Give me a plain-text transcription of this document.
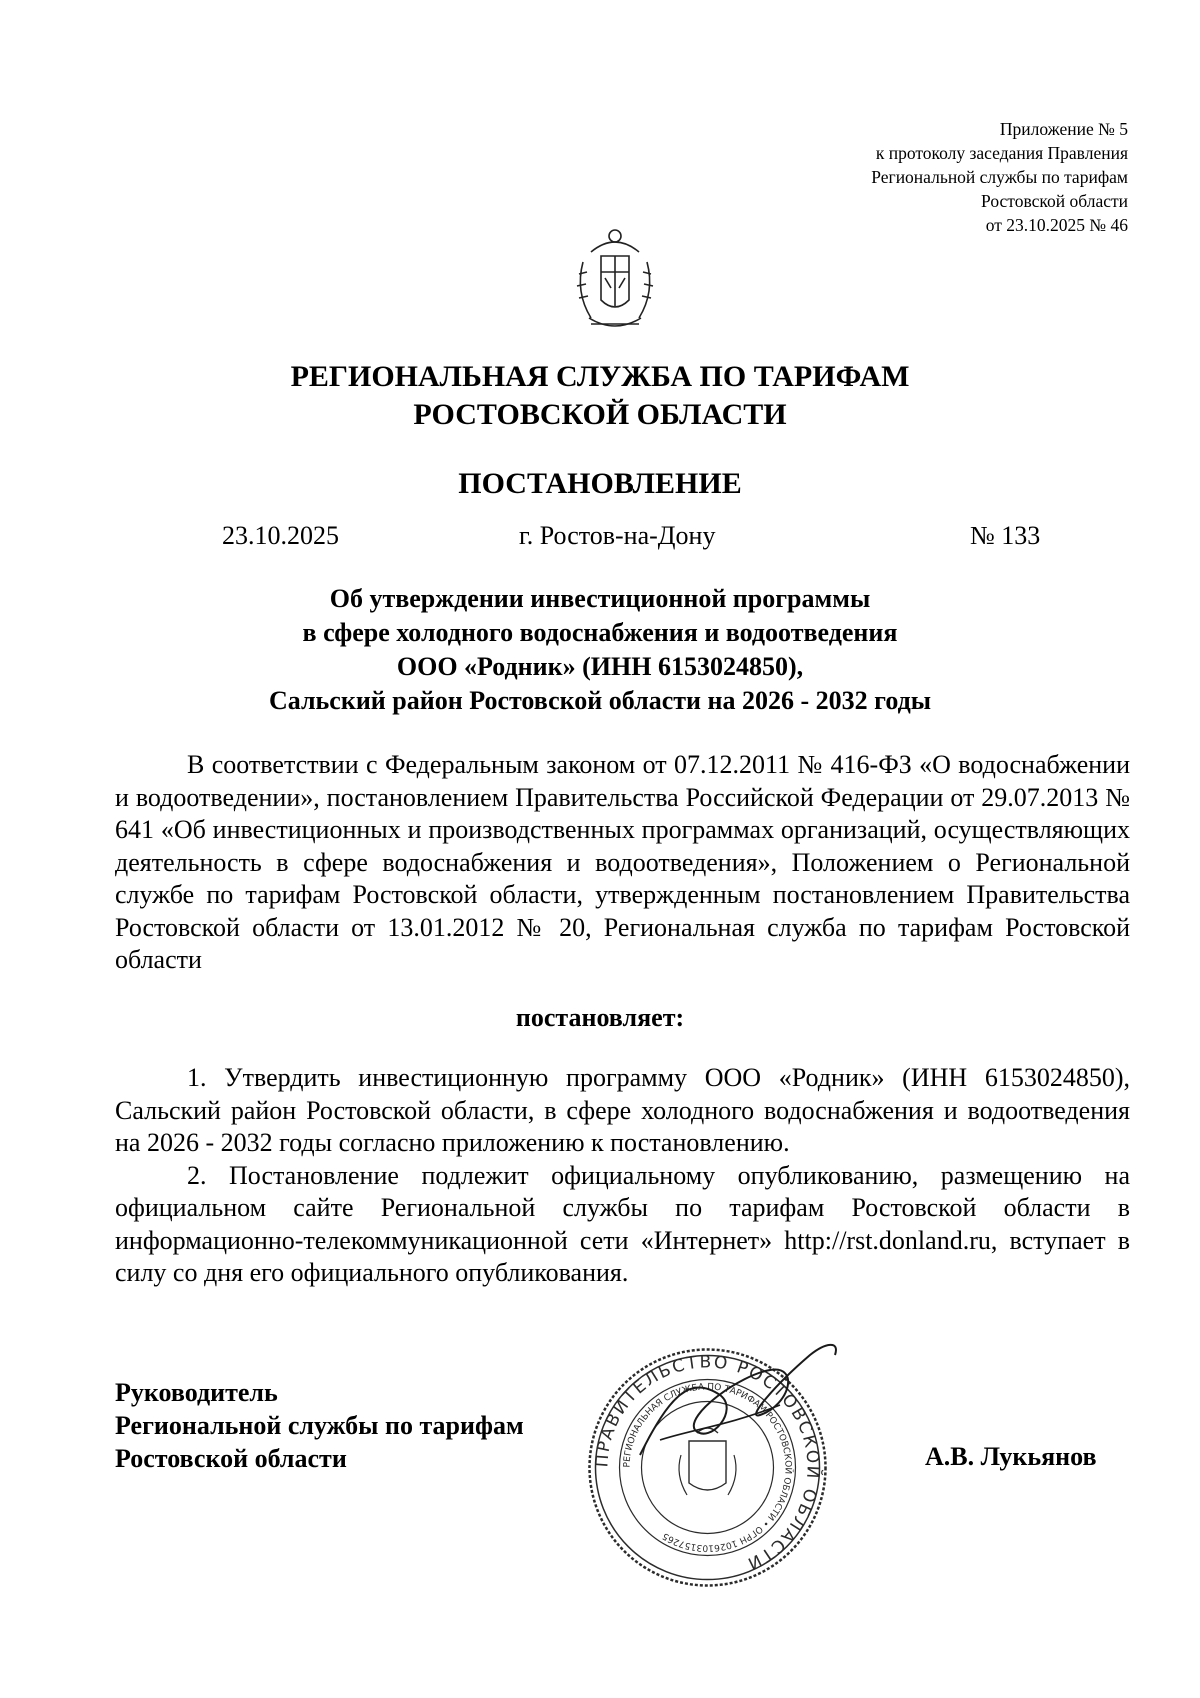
Приложение № 5
к протоколу заседания Правления
Региональной службы по тарифам
Ростовской области
от 23.10.2025 № 46
РЕГИОНАЛЬНАЯ СЛУЖБА ПО ТАРИФАМ
РОСТОВСКОЙ ОБЛАСТИ
ПОСТАНОВЛЕНИЕ
23.10.2025	г. Ростов-на-Дону	№ 133
Об утверждении инвестиционной программы
в сфере холодного водоснабжения и водоотведения
ООО «Родник» (ИНН 6153024850),
Сальский район Ростовской области на 2026 - 2032 годы

В соответствии с Федеральным законом от 07.12.2011 № 416-ФЗ «О водоснабжении и водоотведении», постановлением Правительства Российской Федерации от 29.07.2013 № 641 «Об инвестиционных и производственных программах организаций, осуществляющих деятельность в сфере водоснабжения и водоотведения», Положением о Региональной службе по тарифам Ростовской области, утвержденным постановлением Правительства Ростовской области от 13.01.2012 № 20, Региональная служба по тарифам Ростовской области

постановляет:

1. Утвердить инвестиционную программу ООО «Родник» (ИНН 6153024850), Сальский район Ростовской области, в сфере холодного водоснабжения и водоотведения на 2026 - 2032 годы согласно приложению к постановлению.

2. Постановление подлежит официальному опубликованию, размещению на официальном сайте Региональной службы по тарифам Ростовской области в информационно-телекоммуникационной сети «Интернет» http://rst.donland.ru, вступает в силу со дня его официального опубликования.

Руководитель
Региональной службы по тарифам
Ростовской области	ПРАВИТЕЛЬСТВО РОСТОВСКОЙ ОБЛАСТИ
РЕГИОНАЛЬНАЯ СЛУЖБА ПО ТАРИФАМ РОСТОВСКОЙ ОБЛАСТИ • ОГРН 1026103157265
А.В. Лукьянов
